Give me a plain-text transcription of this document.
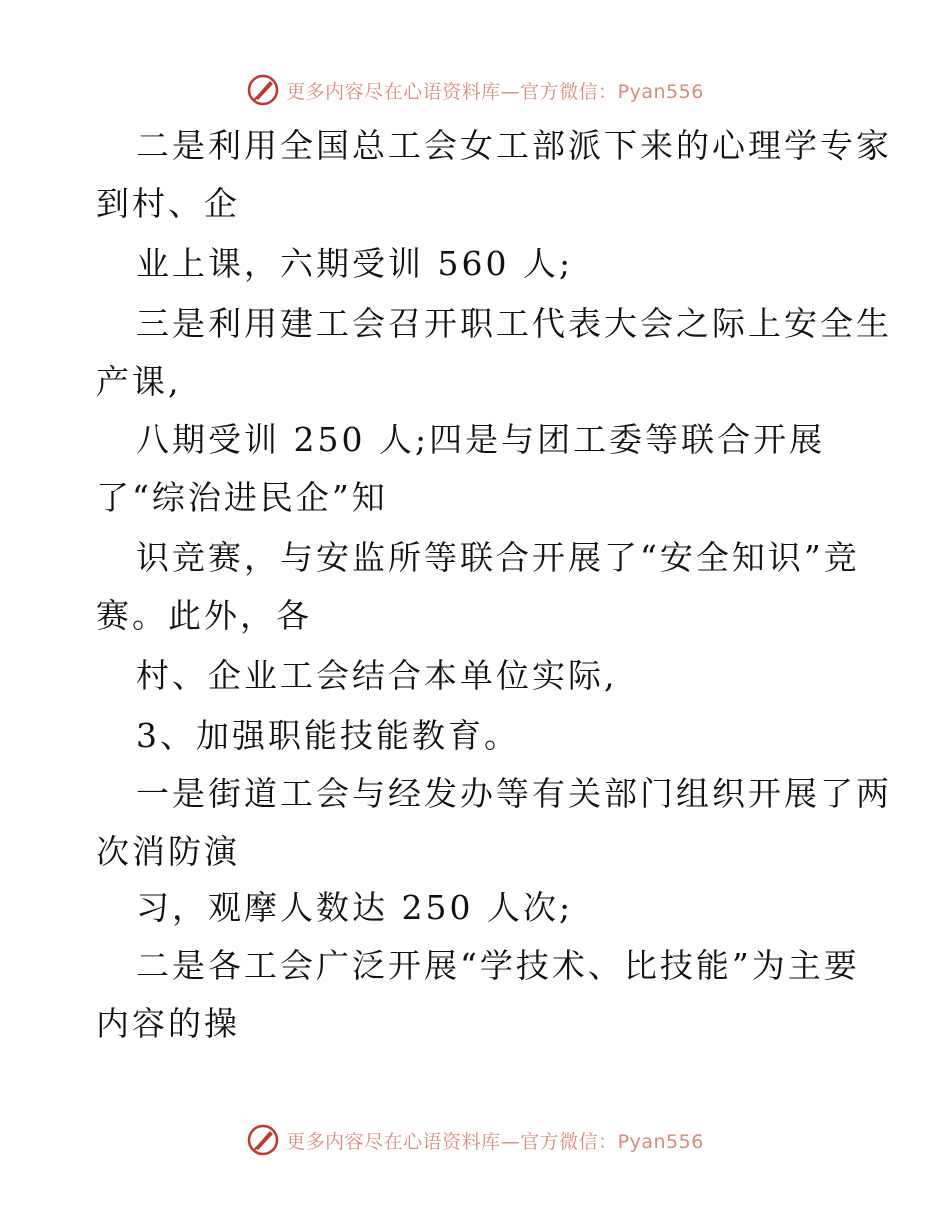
更多内容尽在心语资料库—官方微信：Pyan556
二是利用全国总工会女工部派下来的心理学专家
到村、企
业上课，六期受训 560 人;
三是利用建工会召开职工代表大会之际上安全生
产课,
八期受训 250 人;四是与团工委等联合开展
了“综治进民企”知
识竞赛，与安监所等联合开展了“安全知识”竞
赛。此外，各
村、企业工会结合本单位实际,
3、加强职能技能教育。
一是街道工会与经发办等有关部门组织开展了两
次消防演
习，观摩人数达 250 人次;
二是各工会广泛开展“学技术、比技能”为主要
内容的操
更多内容尽在心语资料库—官方微信：Pyan556
